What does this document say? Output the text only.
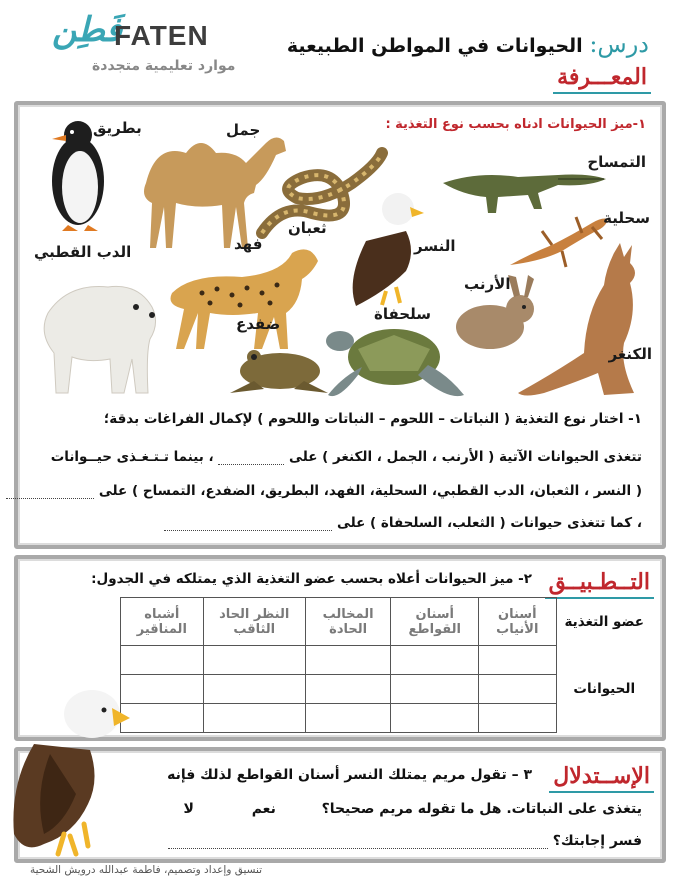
فَطِن
FATEN
موارد تعليمية متجددة
درس: الحيوانات في المواطن الطبيعية
المعـــرفة
١-ميز الحيوانات ادناه بحسب نوع التغذية :
بطريق	جمل
التمساح
سحلية
ثعبان
النسر
الدب القطبي	فهد
الأرنب
الكنغر
سلحفاة
ضفدع
١- اختار نوع التغذية ( النباتات – اللحوم – النباتات واللحوم ) لإكمال الفراغات بدقة؛
تتغذى الحيوانات الآتية ( الأرنب ، الجمل ، الكنغر ) على  ، بينما تـتـغـذى حيــوانات
( النسر ، الثعبان، الدب القطبي، السحلية، الفهد، البطريق، الضفدع، التمساح ) على
، كما تتغذى حيوانات ( الثعلب، السلحفاة ) على
التــطـبيــق
٢- ميز الحيوانات أعلاه بحسب عضو التغذية الذي يمتلكه في الجدول:
عضو التغذية	أسنان الأنياب	أسنان القواطع	المخالب الحادة	النظر الحاد الثاقب	أشباه المناقير
الحيوانات					

الإســتدلال
٣ – تقول مريم يمتلك النسر أسنان القواطع لذلك فإنه
يتغذى على النباتات. هل ما تقوله مريم صحيحا؟  نعم  لا
فسر إجابتك؟
تنسيق وإعداد وتصميم، فاطمة عبدالله درويش الشحية
